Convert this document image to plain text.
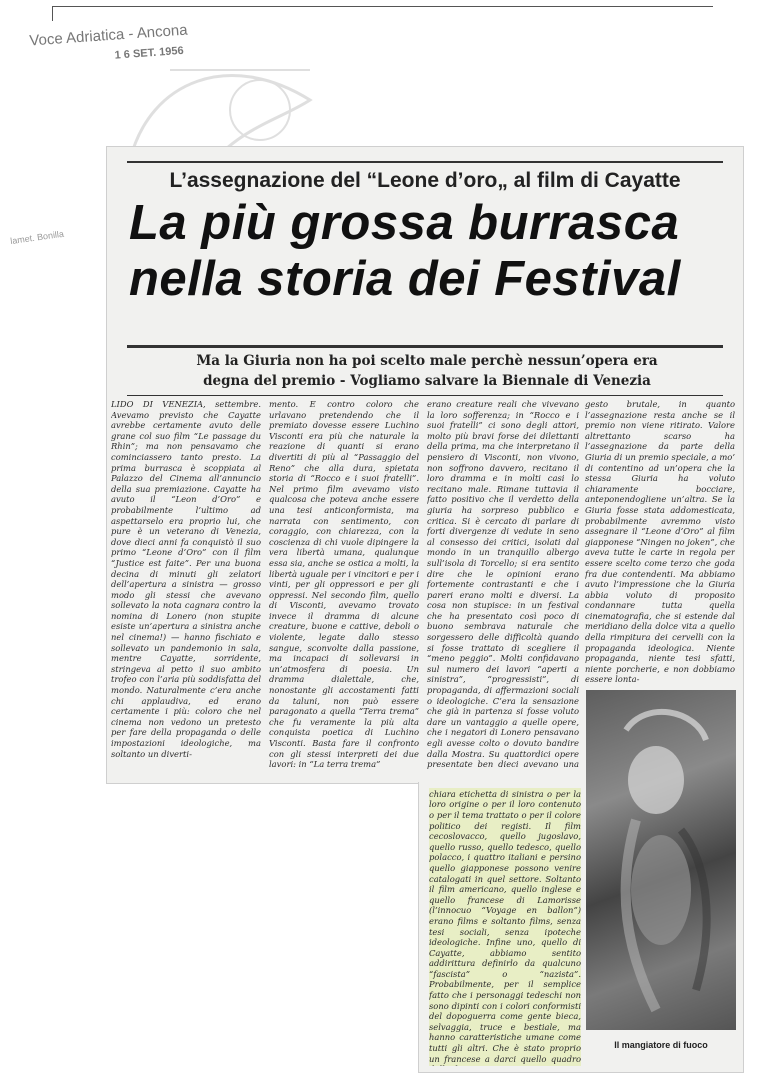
Voce Adriatica - Ancona
1 6 SET. 1956
lamet. Bonilla
L’assegnazione del “Leone d’oro„ al film di Cayatte
La più grossa burrasca
nella storia dei Festival
Ma la Giuria non ha poi scelto male perchè nessun’opera era
degna del premio - Vogliamo salvare la Biennale di Venezia

LIDO DI VENEZIA, settembre. Avevamo previsto che Cayatte avrebbe certamente avuto delle grane col suo film “Le passage du Rhin”; ma non pensavamo che cominciassero tanto presto. La prima burrasca è scoppiata al Palazzo del Cinema all’annuncio della sua premiazione. Cayatte ha avuto il “Leon d’Oro” e probabilmente l’ultimo ad aspettarselo era proprio lui, che pure è un veterano di Venezia, dove dieci anni fa conquistò il suo primo “Leone d’Oro” con il film “Justice est faite”. Per una buona decina di minuti gli zelatori dell’apertura a sinistra — grosso modo gli stessi che avevano sollevato la nota cagnara contro la nomina di Lonero (non stupite esiste un’apertura a sinistra anche nel cinema!) — hanno fischiato e sollevato un pandemonio in sala, mentre Cayatte, sorridente, stringeva al petto il suo ambito trofeo con l’aria più soddisfatta del mondo. Naturalmente c’era anche chi applaudiva, ed erano certamente i più: coloro che nel cinema non vedono un pretesto per fare della propaganda o delle impostazioni ideologiche, ma soltanto un diverti-

mento. E contro coloro che urlavano pretendendo che il premiato dovesse essere Luchino Visconti era più che naturale la reazione di quanti si erano divertiti di più al “Passaggio del Reno” che alla dura, spietata storia di “Rocco e i suoi fratelli”. Nel primo film avevamo visto qualcosa che poteva anche essere una tesi anticonformista, ma narrata con sentimento, con coraggio, con chiarezza, con la coscienza di chi vuole dipingere la vera libertà umana, qualunque essa sia, anche se ostica a molti, la libertà uguale per i vincitori e per i vinti, per gli oppressori e per gli oppressi. Nel secondo film, quello di Visconti, avevamo trovato invece il dramma di alcune creature, buone e cattive, deboli o violente, legate dallo stesso sangue, sconvolte dalla passione, ma incapaci di sollevarsi in un’atmosfera di poesia. Un dramma dialettale, che, nonostante gli accostamenti fatti da taluni, non può essere paragonato a quella “Terra trema” che fu veramente la più alta conquista poetica di Luchino Visconti. Basta fare il confronto con gli stessi interpreti dei due lavori: in “La terra trema”

erano creature reali che vivevano la loro sofferenza; in “Rocco e i suoi fratelli” ci sono degli attori, molto più bravi forse dei dilettanti della prima, ma che interpretano il pensiero di Visconti, non vivono, non soffrono davvero, recitano il loro dramma e in molti casi lo recitano male. Rimane tuttavia il fatto positivo che il verdetto della giuria ha sorpreso pubblico e critica. Si è cercato di parlare di forti divergenze di vedute in seno al consesso dei critici, isolati dal mondo in un tranquillo albergo sull’isola di Torcello; si era sentito dire che le opinioni erano fortemente contrastanti e che i pareri erano molti e diversi. La cosa non stupisce: in un festival che ha presentato così poco di buono sembrava naturale che sorgessero delle difficoltà quando si fosse trattato di scegliere il “meno peggio”. Molti confidavano sul numero dei lavori “aperti a sinistra”, “progressisti”, di propaganda, di affermazioni sociali o ideologiche. C’era la sensazione che già in partenza si fosse voluto dare un vantaggio a quelle opere, che i negatori di Lonero pensavano egli avesse colto o dovuto bandire dalla Mostra. Su quattordici opere presentate ben dieci avevano una

gesto brutale, in quanto l’assegnazione resta anche se il premio non viene ritirato. Valore altrettanto scarso ha l’assegnazione da parte della Giuria di un premio speciale, a mo’ di contentino ad un’opera che la stessa Giuria ha voluto chiaramente bocciare, anteponendogliene un’altra. Se la Giuria fosse stata addomesticata, probabilmente avremmo visto assegnare il “Leone d’Oro” al film giapponese “Ningen no joken”, che aveva tutte le carte in regola per essere scelto come terzo che goda fra due contendenti. Ma abbiamo avuto l’impressione che la Giuria abbia voluto di proposito condannare tutta quella cinematografia, che si estende dal meridiano della dolce vita a quello della rimpitura dei cervelli con la propaganda ideologica. Niente propaganda, niente tesi sfatti, niente porcherie, e non dobbiamo essere lonta-

chiara etichetta di sinistra o per la loro origine o per il loro contenuto o per il tema trattato o per il colore politico dei registi. Il film cecoslovacco, quello jugoslavo, quello russo, quello tedesco, quello polacco, i quattro italiani e persino quello giapponese possono venire catalogati in quel settore. Soltanto il film americano, quello inglese e quello francese di Lamorisse (l’innocuo “Voyage en ballon”) erano films e soltanto films, senza tesi sociali, senza ipoteche ideologiche. Infine uno, quello di Cayatte, abbiamo sentito addirittura definirlo da qualcuno “fascista” o “nazista”. Probabilmente, per il semplice fatto che i personaggi tedeschi non sono dipinti con i colori conformisti del dopoguerra come gente bieca, selvaggia, truce e bestiale, ma hanno caratteristiche umane come tutti gli altri. Che è stato proprio un francese a darci quello quadro

Il mangiatore di fuoco
